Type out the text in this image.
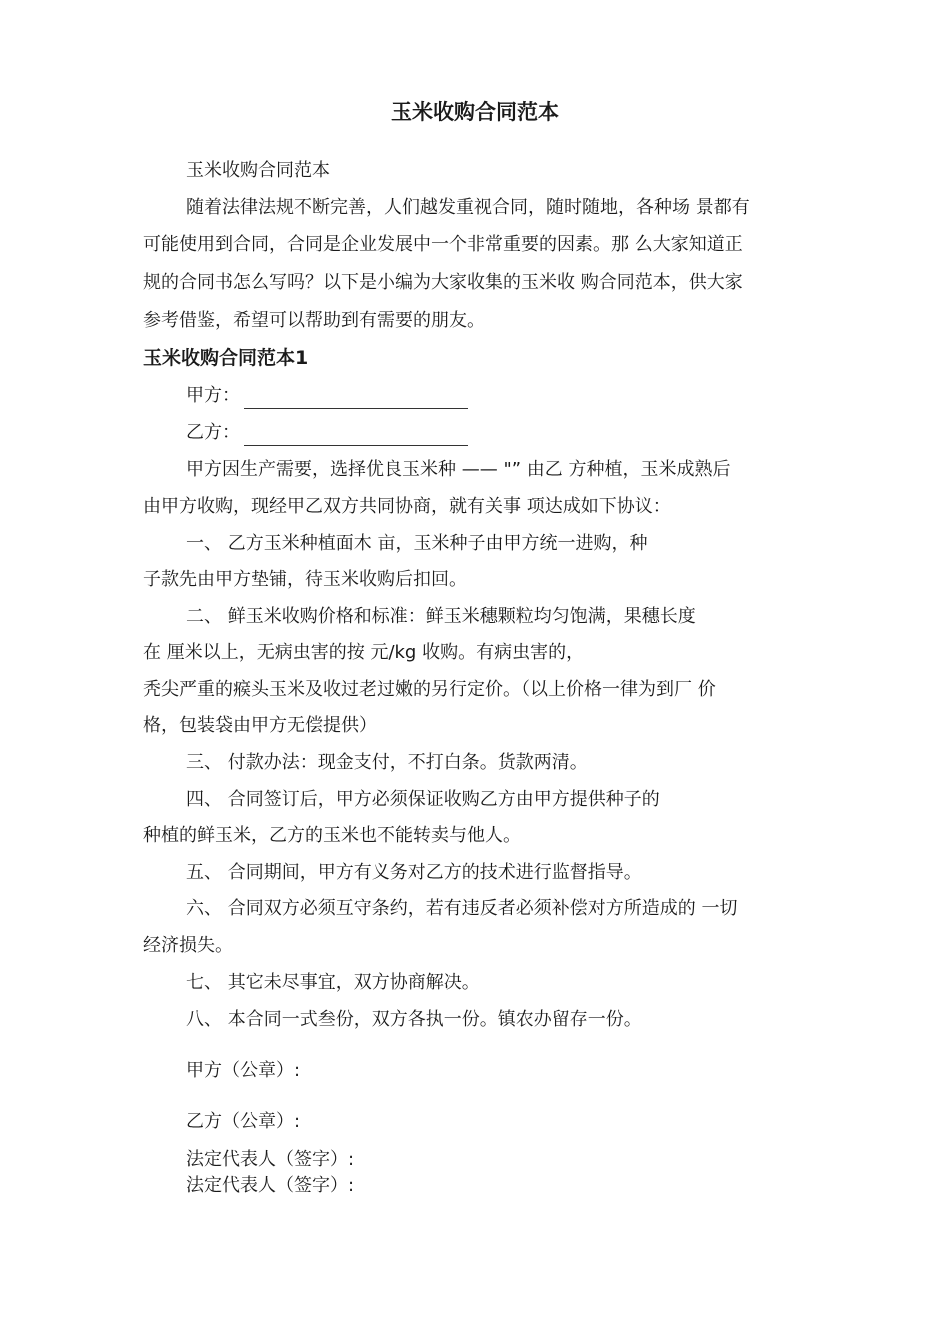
玉米收购合同范本
玉米收购合同范本
随着法律法规不断完善，人们越发重视合同，随时随地，各种场 景都有
可能使用到合同，合同是企业发展中一个非常重要的因素。那 么大家知道正
规的合同书怎么写吗？以下是小编为大家收集的玉米收 购合同范本，供大家
参考借鉴，希望可以帮助到有需要的朋友。
玉米收购合同范本1
甲方：
乙方：
甲方因生产需要，选择优良玉米种 —— "” 由乙 方种植，玉米成熟后
由甲方收购，现经甲乙双方共同协商，就有关事 项达成如下协议：
一、 乙方玉米种植面木 亩，玉米种子由甲方统一进购，种
子款先由甲方垫铺，待玉米收购后扣回。
二、 鲜玉米收购价格和标准：鲜玉米穗颗粒均匀饱满，果穗长度
在 厘米以上，无病虫害的按 元/kg 收购。有病虫害的，
秃尖严重的瘊头玉米及收过老过嫩的另行定价。（以上价格一律为到厂 价
格，包装袋由甲方无偿提供）
三、 付款办法：现金支付，不打白条。货款两清。
四、 合同签订后，甲方必须保证收购乙方由甲方提供种子的
种植的鲜玉米，乙方的玉米也不能转卖与他人。
五、 合同期间，甲方有义务对乙方的技术进行监督指导。
六、 合同双方必须互守条约，若有违反者必须补偿对方所造成的 一切
经济损失。
七、 其它未尽事宜，双方协商解决。
八、 本合同一式叁份，双方各执一份。镇农办留存一份。
甲方（公章）:
乙方（公章）:
法定代表人（签字）:
法定代表人（签字）:
